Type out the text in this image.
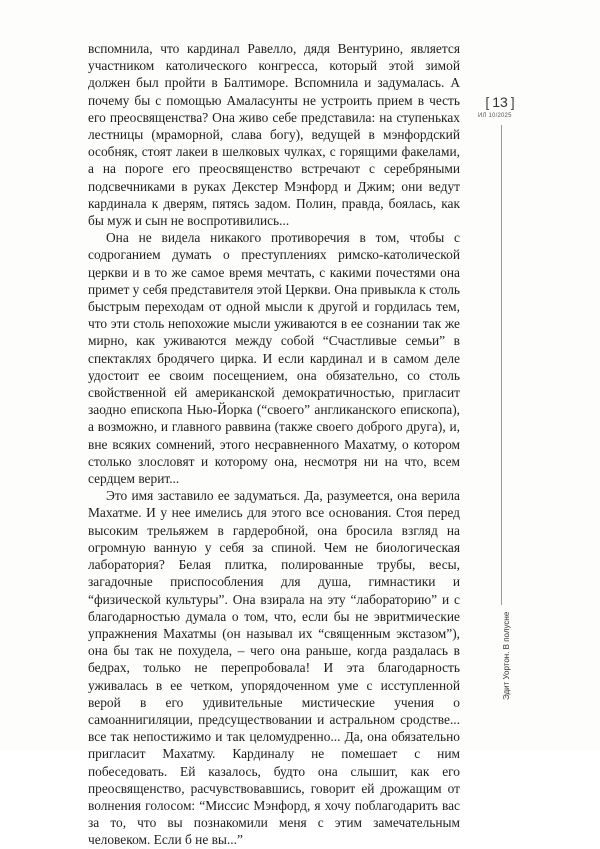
вспомнила, что кардинал Равелло, дядя Вентурино, является участником католического конгресса, который этой зимой должен был пройти в Балтиморе. Вспомнила и задумалась. А почему бы с помощью Амаласунты не устроить прием в честь его преосвященства? Она живо себе представила: на ступеньках лестницы (мраморной, слава богу), ведущей в мэнфордский особняк, стоят лакеи в шелковых чулках, с горящими факелами, а на пороге его преосвященство встречают с серебряными подсвечниками в руках Декстер Мэнфорд и Джим; они ведут кардинала к дверям, пятясь задом. Полин, правда, боялась, как бы муж и сын не воспротивились...

Она не видела никакого противоречия в том, чтобы с содроганием думать о преступлениях римско-католической церкви и в то же самое время мечтать, с какими почестями она примет у себя представителя этой Церкви. Она привыкла к столь быстрым переходам от одной мысли к другой и гордилась тем, что эти столь непохожие мысли уживаются в ее сознании так же мирно, как уживаются между собой “Счастливые семьи” в спектаклях бродячего цирка. И если кардинал и в самом деле удостоит ее своим посещением, она обязательно, со столь свойственной ей американской демократичностью, пригласит заодно епископа Нью-Йорка (“своего” англиканского епископа), а возможно, и главного раввина (также своего доброго друга), и, вне всяких сомнений, этого несравненного Махатму, о котором столько злословят и которому она, несмотря ни на что, всем сердцем верит...

Это имя заставило ее задуматься. Да, разумеется, она верила Махатме. И у нее имелись для этого все основания. Стоя перед высоким трельяжем в гардеробной, она бросила взгляд на огромную ванную у себя за спиной. Чем не биологическая лаборатория? Белая плитка, полированные трубы, весы, загадочные приспособления для душа, гимнастики и “физической культуры”. Она взирала на эту “лабораторию” и с благодарностью думала о том, что, если бы не эвритмические упражнения Махатмы (он называл их “священным экстазом”), она бы так не похудела, – чего она раньше, когда раздалась в бедрах, только не перепробовала! И эта благодарность уживалась в ее четком, упорядоченном уме с исступленной верой в его удивительные мистические учения о самоаннигиляции, предсуществовании и астральном сродстве... все так непостижимо и так целомудренно... Да, она обязательно пригласит Махатму. Кардиналу не помешает с ним побеседовать. Ей казалось, будто она слышит, как его преосвященство, расчувствовавшись, говорит ей дрожащим от волнения голосом: “Миссис Мэнфорд, я хочу поблагодарить вас за то, что вы познакомили меня с этим замечательным человеком. Если б не вы...”

[ 13 ]
ИЛ 10/2025
Эдит Уортон. В полусне
